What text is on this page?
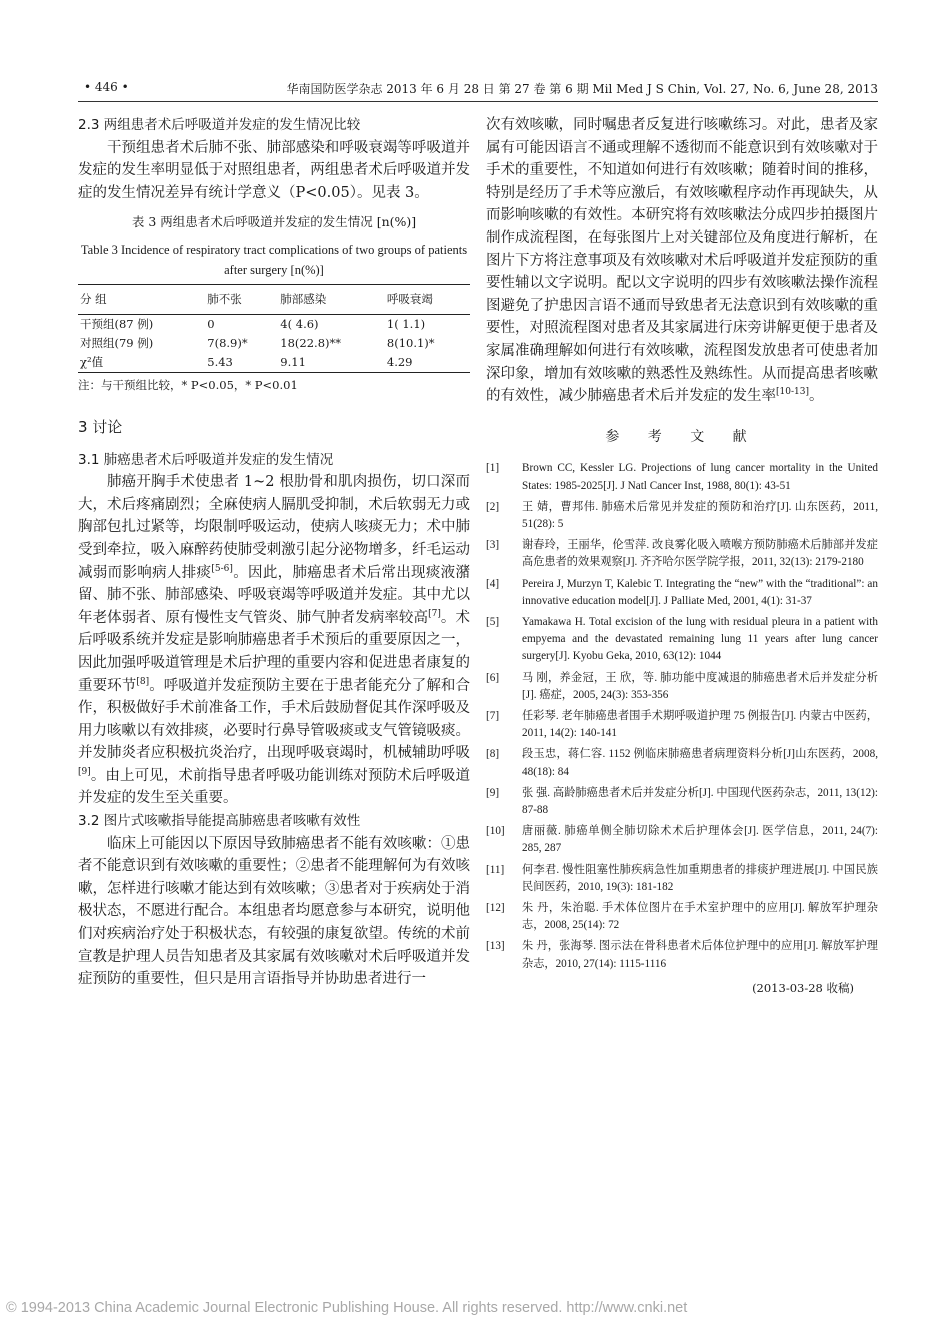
• 446 •	华南国防医学杂志 2013 年 6 月 28 日 第 27 卷 第 6 期 Mil Med J S Chin, Vol. 27, No. 6, June 28, 2013
2.3 两组患者术后呼吸道并发症的发生情况比较

干预组患者术后肺不张、肺部感染和呼吸衰竭等呼吸道并发症的发生率明显低于对照组患者，两组患者术后呼吸道并发症的发生情况差异有统计学意义（P<0.05）。见表 3。

表 3 两组患者术后呼吸道并发症的发生情况 [n(%)]
Table 3 Incidence of respiratory tract complications of two groups of patients after surgery [n(%)]
分 组	肺不张	肺部感染	呼吸衰竭
干预组(87 例)	0	4( 4.6)	1( 1.1)
对照组(79 例)	7(8.9)*	18(22.8)**	8(10.1)*
χ²值	5.43	9.11	4.29
注：与干预组比较，* P<0.05，* P<0.01
3 讨论
3.1 肺癌患者术后呼吸道并发症的发生情况

肺癌开胸手术使患者 1~2 根肋骨和肌肉损伤，切口深而大，术后疼痛剧烈；全麻使病人膈肌受抑制，术后软弱无力或胸部包扎过紧等，均限制呼吸运动，使病人咳痰无力；术中肺受到牵拉，吸入麻醉药使肺受刺激引起分泌物增多，纤毛运动减弱而影响病人排痰[5-6]。因此，肺癌患者术后常出现痰液潴留、肺不张、肺部感染、呼吸衰竭等呼吸道并发症。其中尤以年老体弱者、原有慢性支气管炎、肺气肿者发病率较高[7]。术后呼吸系统并发症是影响肺癌患者手术预后的重要原因之一，因此加强呼吸道管理是术后护理的重要内容和促进患者康复的重要环节[8]。呼吸道并发症预防主要在于患者能充分了解和合作，积极做好手术前准备工作，手术后鼓励督促其作深呼吸及用力咳嗽以有效排痰，必要时行鼻导管吸痰或支气管镜吸痰。并发肺炎者应积极抗炎治疗，出现呼吸衰竭时，机械辅助呼吸[9]。由上可见，术前指导患者呼吸功能训练对预防术后呼吸道并发症的发生至关重要。

3.2 图片式咳嗽指导能提高肺癌患者咳嗽有效性

临床上可能因以下原因导致肺癌患者不能有效咳嗽：①患者不能意识到有效咳嗽的重要性；②患者不能理解何为有效咳嗽，怎样进行咳嗽才能达到有效咳嗽；③患者对于疾病处于消极状态，不愿进行配合。本组患者均愿意参与本研究，说明他们对疾病治疗处于积极状态，有较强的康复欲望。传统的术前宣教是护理人员告知患者及其家属有效咳嗽对术后呼吸道并发症预防的重要性，但只是用言语指导并协助患者进行一

次有效咳嗽，同时嘱患者反复进行咳嗽练习。对此，患者及家属有可能因语言不通或理解不透彻而不能意识到有效咳嗽对于手术的重要性，不知道如何进行有效咳嗽；随着时间的推移，特别是经历了手术等应激后，有效咳嗽程序动作再现缺失，从而影响咳嗽的有效性。本研究将有效咳嗽法分成四步拍摄图片制作成流程图，在每张图片上对关键部位及角度进行解析，在图片下方将注意事项及有效咳嗽对术后呼吸道并发症预防的重要性辅以文字说明。配以文字说明的四步有效咳嗽法操作流程图避免了护患因言语不通而导致患者无法意识到有效咳嗽的重要性，对照流程图对患者及其家属进行床旁讲解更便于患者及家属准确理解如何进行有效咳嗽，流程图发放患者可使患者加深印象，增加有效咳嗽的熟悉性及熟练性。从而提高患者咳嗽的有效性，减少肺癌患者术后并发症的发生率[10-13]。

参 考 文 献
[1]	Brown CC, Kessler LG. Projections of lung cancer mortality in the United States: 1985-2025[J]. J Natl Cancer Inst, 1988, 80(1): 43-51
[2]	王 婧，曹邦伟. 肺癌术后常见并发症的预防和治疗[J]. 山东医药，2011, 51(28): 5
[3]	谢春玲，王丽华，伦雪萍. 改良雾化吸入喷喉方预防肺癌术后肺部并发症高危患者的效果观察[J]. 齐齐哈尔医学院学报，2011, 32(13): 2179-2180
[4]	Pereira J, Murzyn T, Kalebic T. Integrating the “new” with the “traditional”: an innovative education model[J]. J Palliate Med, 2001, 4(1): 31-37
[5]	Yamakawa H. Total excision of the lung with residual pleura in a patient with empyema and the devastated remaining lung 11 years after lung cancer surgery[J]. Kyobu Geka, 2010, 63(12): 1044
[6]	马 刚，养金冠，王 欣，等. 肺功能中度减退的肺癌患者术后并发症分析[J]. 癌症，2005, 24(3): 353-356
[7]	任彩琴. 老年肺癌患者围手术期呼吸道护理 75 例报告[J]. 内蒙古中医药，2011, 14(2): 140-141
[8]	段玉忠，蒋仁容. 1152 例临床肺癌患者病理资料分析[J]山东医药，2008, 48(18): 84
[9]	张 强. 高龄肺癌患者术后并发症分析[J]. 中国现代医药杂志，2011, 13(12): 87-88
[10]	唐丽薇. 肺癌单侧全肺切除术术后护理体会[J]. 医学信息，2011, 24(7): 285, 287
[11]	何李君. 慢性阻塞性肺疾病急性加重期患者的排痰护理进展[J]. 中国民族民间医药，2010, 19(3): 181-182
[12]	朱 丹，朱治聪. 手术体位图片在手术室护理中的应用[J]. 解放军护理杂志，2008, 25(14): 72
[13]	朱 丹，张海琴. 图示法在骨科患者术后体位护理中的应用[J]. 解放军护理杂志，2010, 27(14): 1115-1116
(2013-03-28 收稿)
© 1994-2013 China Academic Journal Electronic Publishing House. All rights reserved. http://www.cnki.net
